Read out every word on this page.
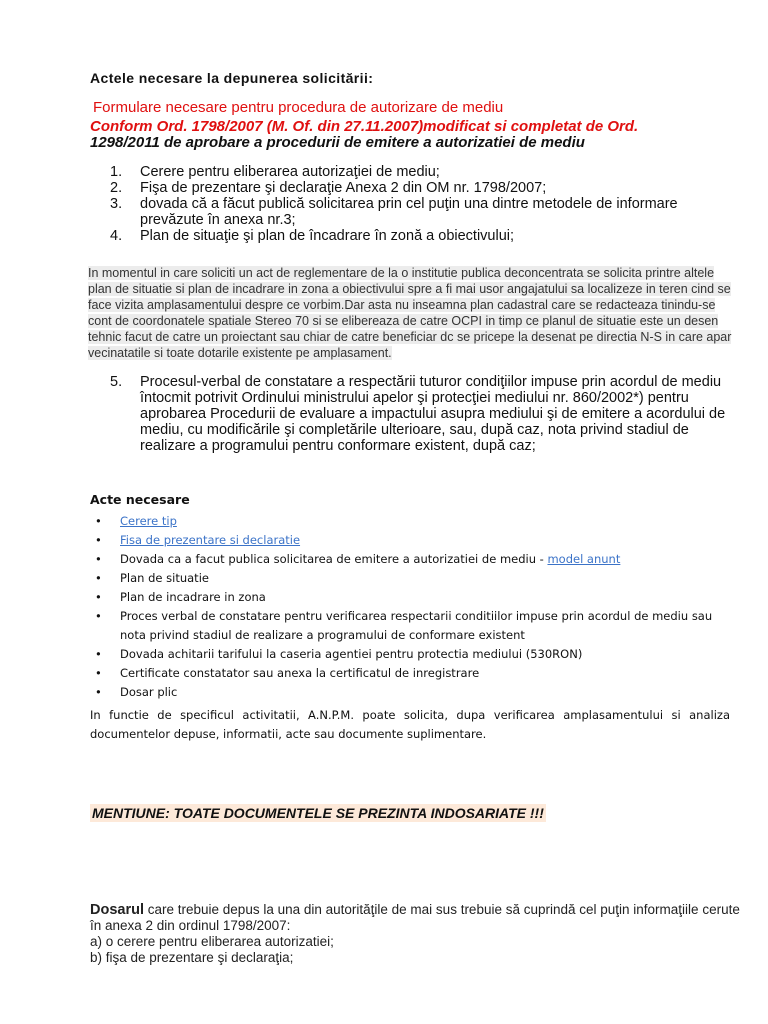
Actele necesare la depunerea solicitării:
Formulare necesare pentru procedura de autorizare de mediu
Conform Ord. 1798/2007 (M. Of. din 27.11.2007)modificat si completat de Ord.
1298/2011 de aprobare a procedurii de emitere a autorizatiei de mediu
1. Cerere pentru eliberarea autorizaţiei de mediu;
2. Fişa de prezentare şi declaraţie Anexa 2 din OM nr. 1798/2007;
3. dovada că a făcut publică solicitarea prin cel puţin una dintre metodele de informare prevăzute în anexa nr.3;
4. Plan de situaţie şi plan de încadrare în zonă a obiectivului;
In momentul in care soliciti un act de reglementare de la o institutie publica deconcentrata se solicita printre altele plan de situatie si plan de incadrare in zona a obiectivului spre a fi mai usor angajatului sa localizeze in teren cind se face vizita amplasamentului despre ce vorbim.Dar asta nu inseamna plan cadastral care se redacteaza tinindu-se cont de coordonatele spatiale Stereo 70 si se elibereaza de catre OCPI in timp ce planul de situatie este un desen tehnic facut de catre un proiectant sau chiar de catre beneficiar dc se pricepe la desenat pe directia N-S in care apar vecinatatile si toate dotarile existente pe amplasament.
5. Procesul-verbal de constatare a respectării tuturor condiţiilor impuse prin acordul de mediu întocmit potrivit Ordinului ministrului apelor şi protecţiei mediului nr. 860/2002*) pentru aprobarea Procedurii de evaluare a impactului asupra mediului şi de emitere a acordului de mediu, cu modificările şi completările ulterioare, sau, după caz, nota privind stadiul de realizare a programului pentru conformare existent, după caz;
Acte necesare
• Cerere tip
• Fisa de prezentare si declaratie
• Dovada ca a facut publica solicitarea de emitere a autorizatiei de mediu - model anunt
• Plan de situatie
• Plan de incadrare in zona
• Proces verbal de constatare pentru verificarea respectarii conditiilor impuse prin acordul de mediu sau nota privind stadiul de realizare a programului de conformare existent
• Dovada achitarii tarifului la caseria agentiei pentru protectia mediului (530RON)
• Certificate constatator sau anexa la certificatul de inregistrare
• Dosar plic
In functie de specificul activitatii, A.N.P.M. poate solicita, dupa verificarea amplasamentului si analiza documentelor depuse, informatii, acte sau documente suplimentare.
MENTIUNE: TOATE DOCUMENTELE SE PREZINTA INDOSARIATE !!!
Dosarul care trebuie depus la una din autorităţile de mai sus trebuie să cuprindă cel puţin informaţiile cerute în anexa 2 din ordinul 1798/2007:
a) o cerere pentru eliberarea autorizatiei;
b) fişa de prezentare şi declaraţia;
